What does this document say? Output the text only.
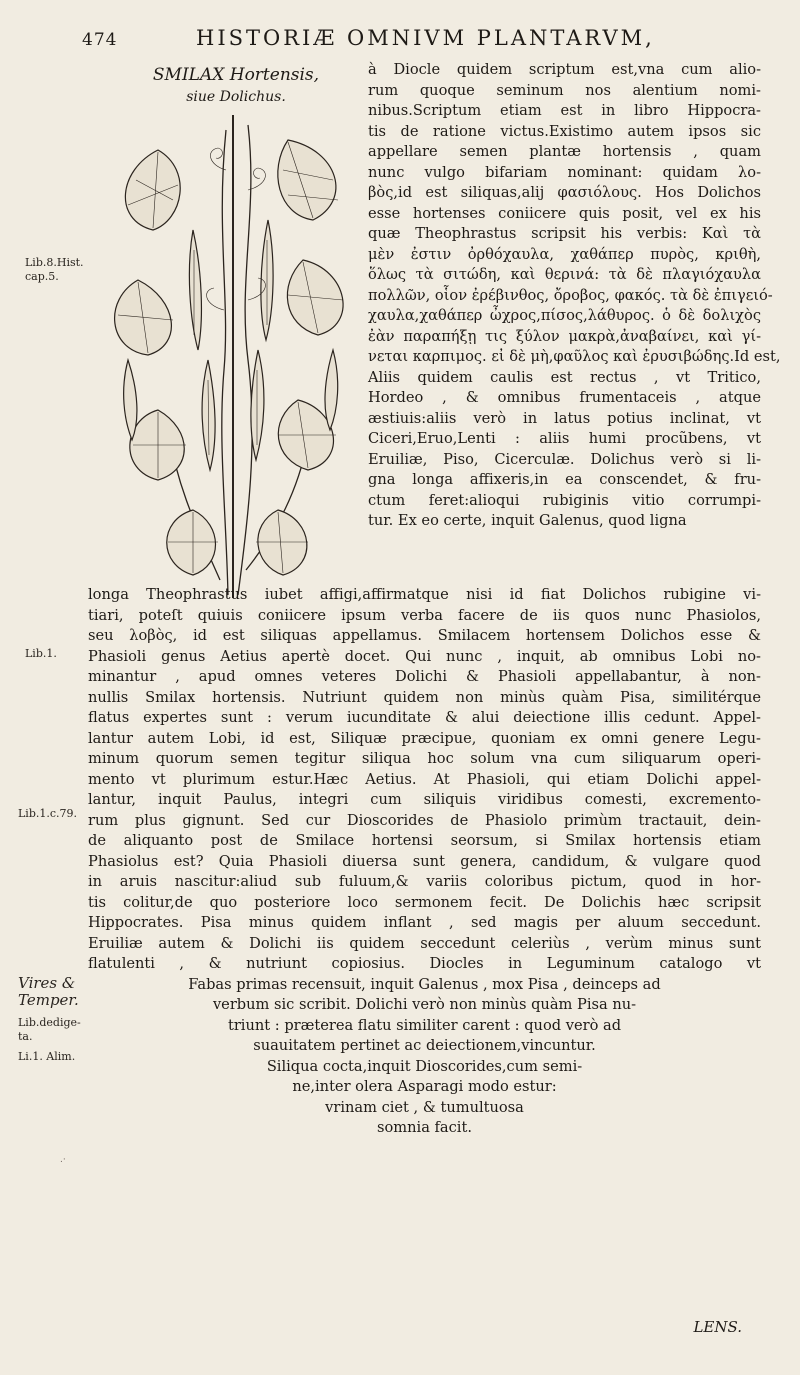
474	HISTORIÆ OMNIVM PLANTARVM,
SMILAX Hortensis,
siue Dolichus.
Lib.8.Hist. cap.5.
Lib.1.
Lib.1.c.79.
Vires & Temper.
Lib.dedige- ta.
Li.1. Alim.
à Diocle quidem scriptum est,vna cum alio-
rum quoque seminum nos alentium nomi-
nibus.Scriptum etiam est in libro Hippocra-
tis de ratione victus.Existimo autem ipsos sic
appellare semen plantæ hortensis , quam
nunc vulgo bifariam nominant: quidam λο-
βὸς,id est siliquas,alij φασιόλους. Hos Dolichos
esse hortenses coniicere quis posit, vel ex his
quæ Theophrastus scripsit his verbis: Καὶ τὰ
μὲν ἐστιν ὀρθόχαυλα, χαθάπερ πυρὸς, κριθὴ,
ὅλως τὰ σιτώδη, καὶ θερινά: τὰ δὲ πλαγιόχαυλα
πολλῶν, οἷον ἐρέβινθος, ὄροβος, φακός. τὰ δὲ ἐπιγειό-
χαυλα,χαθάπερ ὦχρος,πίσος,λάθυρος. ὁ δὲ δολιχὸς
ἐὰν παραπήξῃ τις ξύλον μακρὰ,ἀναβαίνει, καὶ γί-
νεται καρπιμος. εἰ δὲ μὴ,φαῦλος καὶ ἐρυσιβώδης.Id est,
Aliis quidem caulis est rectus , vt Tritico,
Hordeo , & omnibus frumentaceis , atque
æstiuis:aliis verò in latus potius inclinat, vt
Ciceri,Eruo,Lenti : aliis humi procũbens, vt
Eruiliæ, Piso, Cicerculæ. Dolichus verò si li-
gna longa affixeris,in ea conscendet, & fru-
ctum feret:alioqui rubiginis vitio corrumpi-
tur. Ex eo certe, inquit Galenus, quod ligna
longa Theophrastus iubet affigi,affirmatque nisi id fiat Dolichos rubigine vi-
tiari, poteſt quiuis coniicere ipsum verba facere de iis quos nunc Phasiolos,
seu λοβὸς, id est siliquas appellamus. Smilacem hortensem Dolichos esse &
Phasioli genus Aetius apertè docet. Qui nunc , inquit, ab omnibus Lobi no-
minantur , apud omnes veteres Dolichi & Phasioli appellabantur, à non-
nullis Smilax hortensis. Nutriunt quidem non minùs quàm Pisa, similitérque
flatus expertes sunt : verum iucunditate & alui deiectione illis cedunt. Appel-
lantur autem Lobi, id est, Siliquæ præcipue, quoniam ex omni genere Legu-
minum quorum semen tegitur siliqua hoc solum vna cum siliquarum operi-
mento vt plurimum estur.Hæc Aetius. At Phasioli, qui etiam Dolichi appel-
lantur, inquit Paulus, integri cum siliquis viridibus comesti, excremento-
rum plus gignunt. Sed cur Dioscorides de Phasiolo primùm tractauit, dein-
de aliquanto post de Smilace hortensi seorsum, si Smilax hortensis etiam
Phasiolus est? Quia Phasioli diuersa sunt genera, candidum, & vulgare quod
in aruis nascitur:aliud sub fuluum,& variis coloribus pictum, quod in hor-
tis colitur,de quo posteriore loco sermonem fecit. De Dolichis hæc scripsit
Hippocrates. Pisa minus quidem inflant , sed magis per aluum seccedunt.
Eruiliæ autem & Dolichi iis quidem seccedunt celeriùs , verùm minus sunt
flatulenti , & nutriunt copiosius. Diocles in Leguminum catalogo vt
Fabas primas recensuit, inquit Galenus , mox Pisa , deinceps ad
verbum sic scribit. Dolichi verò non minùs quàm Pisa nu-
triunt : præterea flatu similiter carent : quod verò ad
suauitatem pertinet ac deiectionem,vincuntur.
Siliqua cocta,inquit Dioscorides,cum semi-
ne,inter olera Asparagi modo estur:
vrinam ciet , & tumultuosa
somnia facit.
LENS.
.·
